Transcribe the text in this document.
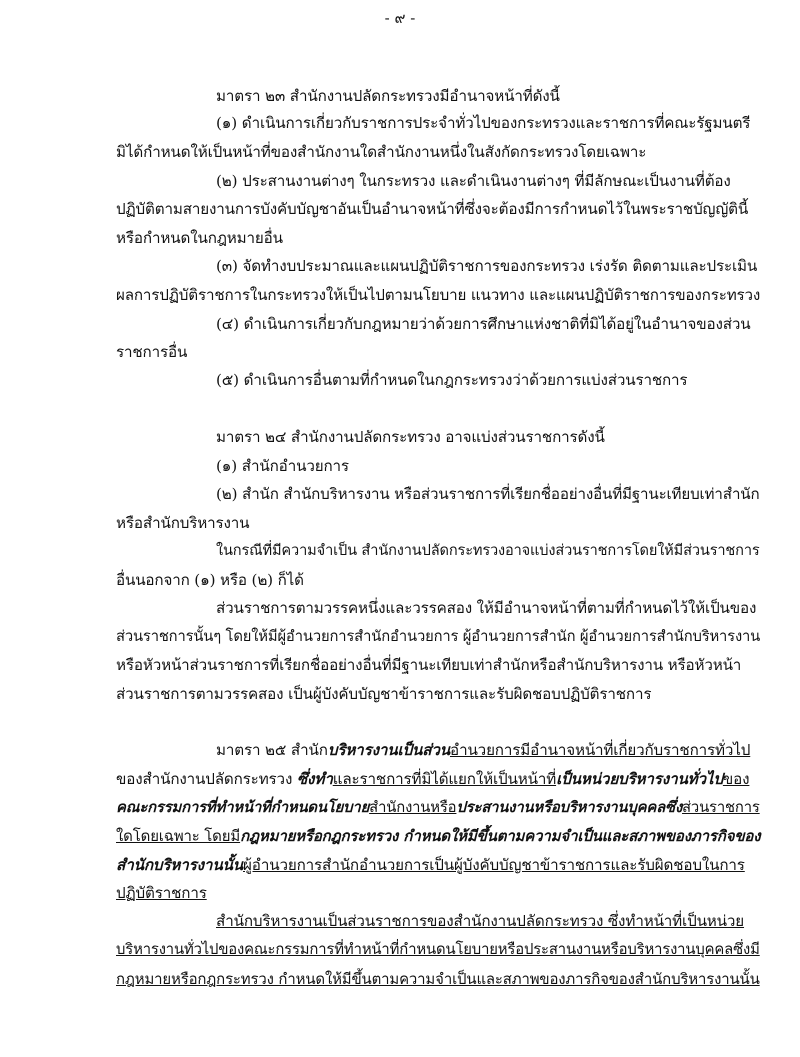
- ๙ -
มาตรา ๒๓ สำนักงานปลัดกระทรวงมีอำนาจหน้าที่ดังนี้
(๑) ดำเนินการเกี่ยวกับราชการประจำทั่วไปของกระทรวงและราชการที่คณะรัฐมนตรี
มิได้กำหนดให้เป็นหน้าที่ของสำนักงานใดสำนักงานหนึ่งในสังกัดกระทรวงโดยเฉพาะ
(๒) ประสานงานต่างๆ ในกระทรวง และดำเนินงานต่างๆ ที่มีลักษณะเป็นงานที่ต้อง
ปฏิบัติตามสายงานการบังคับบัญชาอันเป็นอำนาจหน้าที่ซึ่งจะต้องมีการกำหนดไว้ในพระราชบัญญัตินี้
หรือกำหนดในกฎหมายอื่น
(๓) จัดทำงบประมาณและแผนปฏิบัติราชการของกระทรวง เร่งรัด ติดตามและประเมิน
ผลการปฏิบัติราชการในกระทรวงให้เป็นไปตามนโยบาย แนวทาง และแผนปฏิบัติราชการของกระทรวง
(๔) ดำเนินการเกี่ยวกับกฎหมายว่าด้วยการศึกษาแห่งชาติที่มิได้อยู่ในอำนาจของส่วน
ราชการอื่น
(๕) ดำเนินการอื่นตามที่กำหนดในกฎกระทรวงว่าด้วยการแบ่งส่วนราชการ
มาตรา ๒๔ สำนักงานปลัดกระทรวง อาจแบ่งส่วนราชการดังนี้
(๑) สำนักอำนวยการ
(๒) สำนัก สำนักบริหารงาน หรือส่วนราชการที่เรียกชื่ออย่างอื่นที่มีฐานะเทียบเท่าสำนัก
หรือสำนักบริหารงาน
ในกรณีที่มีความจำเป็น สำนักงานปลัดกระทรวงอาจแบ่งส่วนราชการโดยให้มีส่วนราชการ
อื่นนอกจาก (๑) หรือ (๒) ก็ได้
ส่วนราชการตามวรรคหนึ่งและวรรคสอง ให้มีอำนาจหน้าที่ตามที่กำหนดไว้ให้เป็นของ
ส่วนราชการนั้นๆ โดยให้มีผู้อำนวยการสำนักอำนวยการ ผู้อำนวยการสำนัก ผู้อำนวยการสำนักบริหารงาน
หรือหัวหน้าส่วนราชการที่เรียกชื่ออย่างอื่นที่มีฐานะเทียบเท่าสำนักหรือสำนักบริหารงาน หรือหัวหน้า
ส่วนราชการตามวรรคสอง เป็นผู้บังคับบัญชาข้าราชการและรับผิดชอบปฏิบัติราชการ
มาตรา ๒๕ สำนักบริหารงานเป็นส่วนอำนวยการมีอำนาจหน้าที่เกี่ยวกับราชการทั่วไป
ของสำนักงานปลัดกระทรวง ซึ่งทำและราชการที่มิได้แยกให้เป็นหน้าที่เป็นหน่วยบริหารงานทั่วไปของ
คณะกรรมการที่ทำหน้าที่กำหนดนโยบายสำนักงานหรือประสานงานหรือบริหารงานบุคคลซึ่งส่วนราชการ
ใดโดยเฉพาะ โดยมีกฎหมายหรือกฎกระทรวง กำหนดให้มีขึ้นตามความจำเป็นและสภาพของภารกิจของ
สำนักบริหารงานนั้นผู้อำนวยการสำนักอำนวยการเป็นผู้บังคับบัญชาข้าราชการและรับผิดชอบในการ
ปฏิบัติราชการ
สำนักบริหารงานเป็นส่วนราชการของสำนักงานปลัดกระทรวง ซึ่งทำหน้าที่เป็นหน่วย
บริหารงานทั่วไปของคณะกรรมการที่ทำหน้าที่กำหนดนโยบายหรือประสานงานหรือบริหารงานบุคคลซึ่งมี
กฎหมายหรือกฎกระทรวง กำหนดให้มีขึ้นตามความจำเป็นและสภาพของภารกิจของสำนักบริหารงานนั้น
